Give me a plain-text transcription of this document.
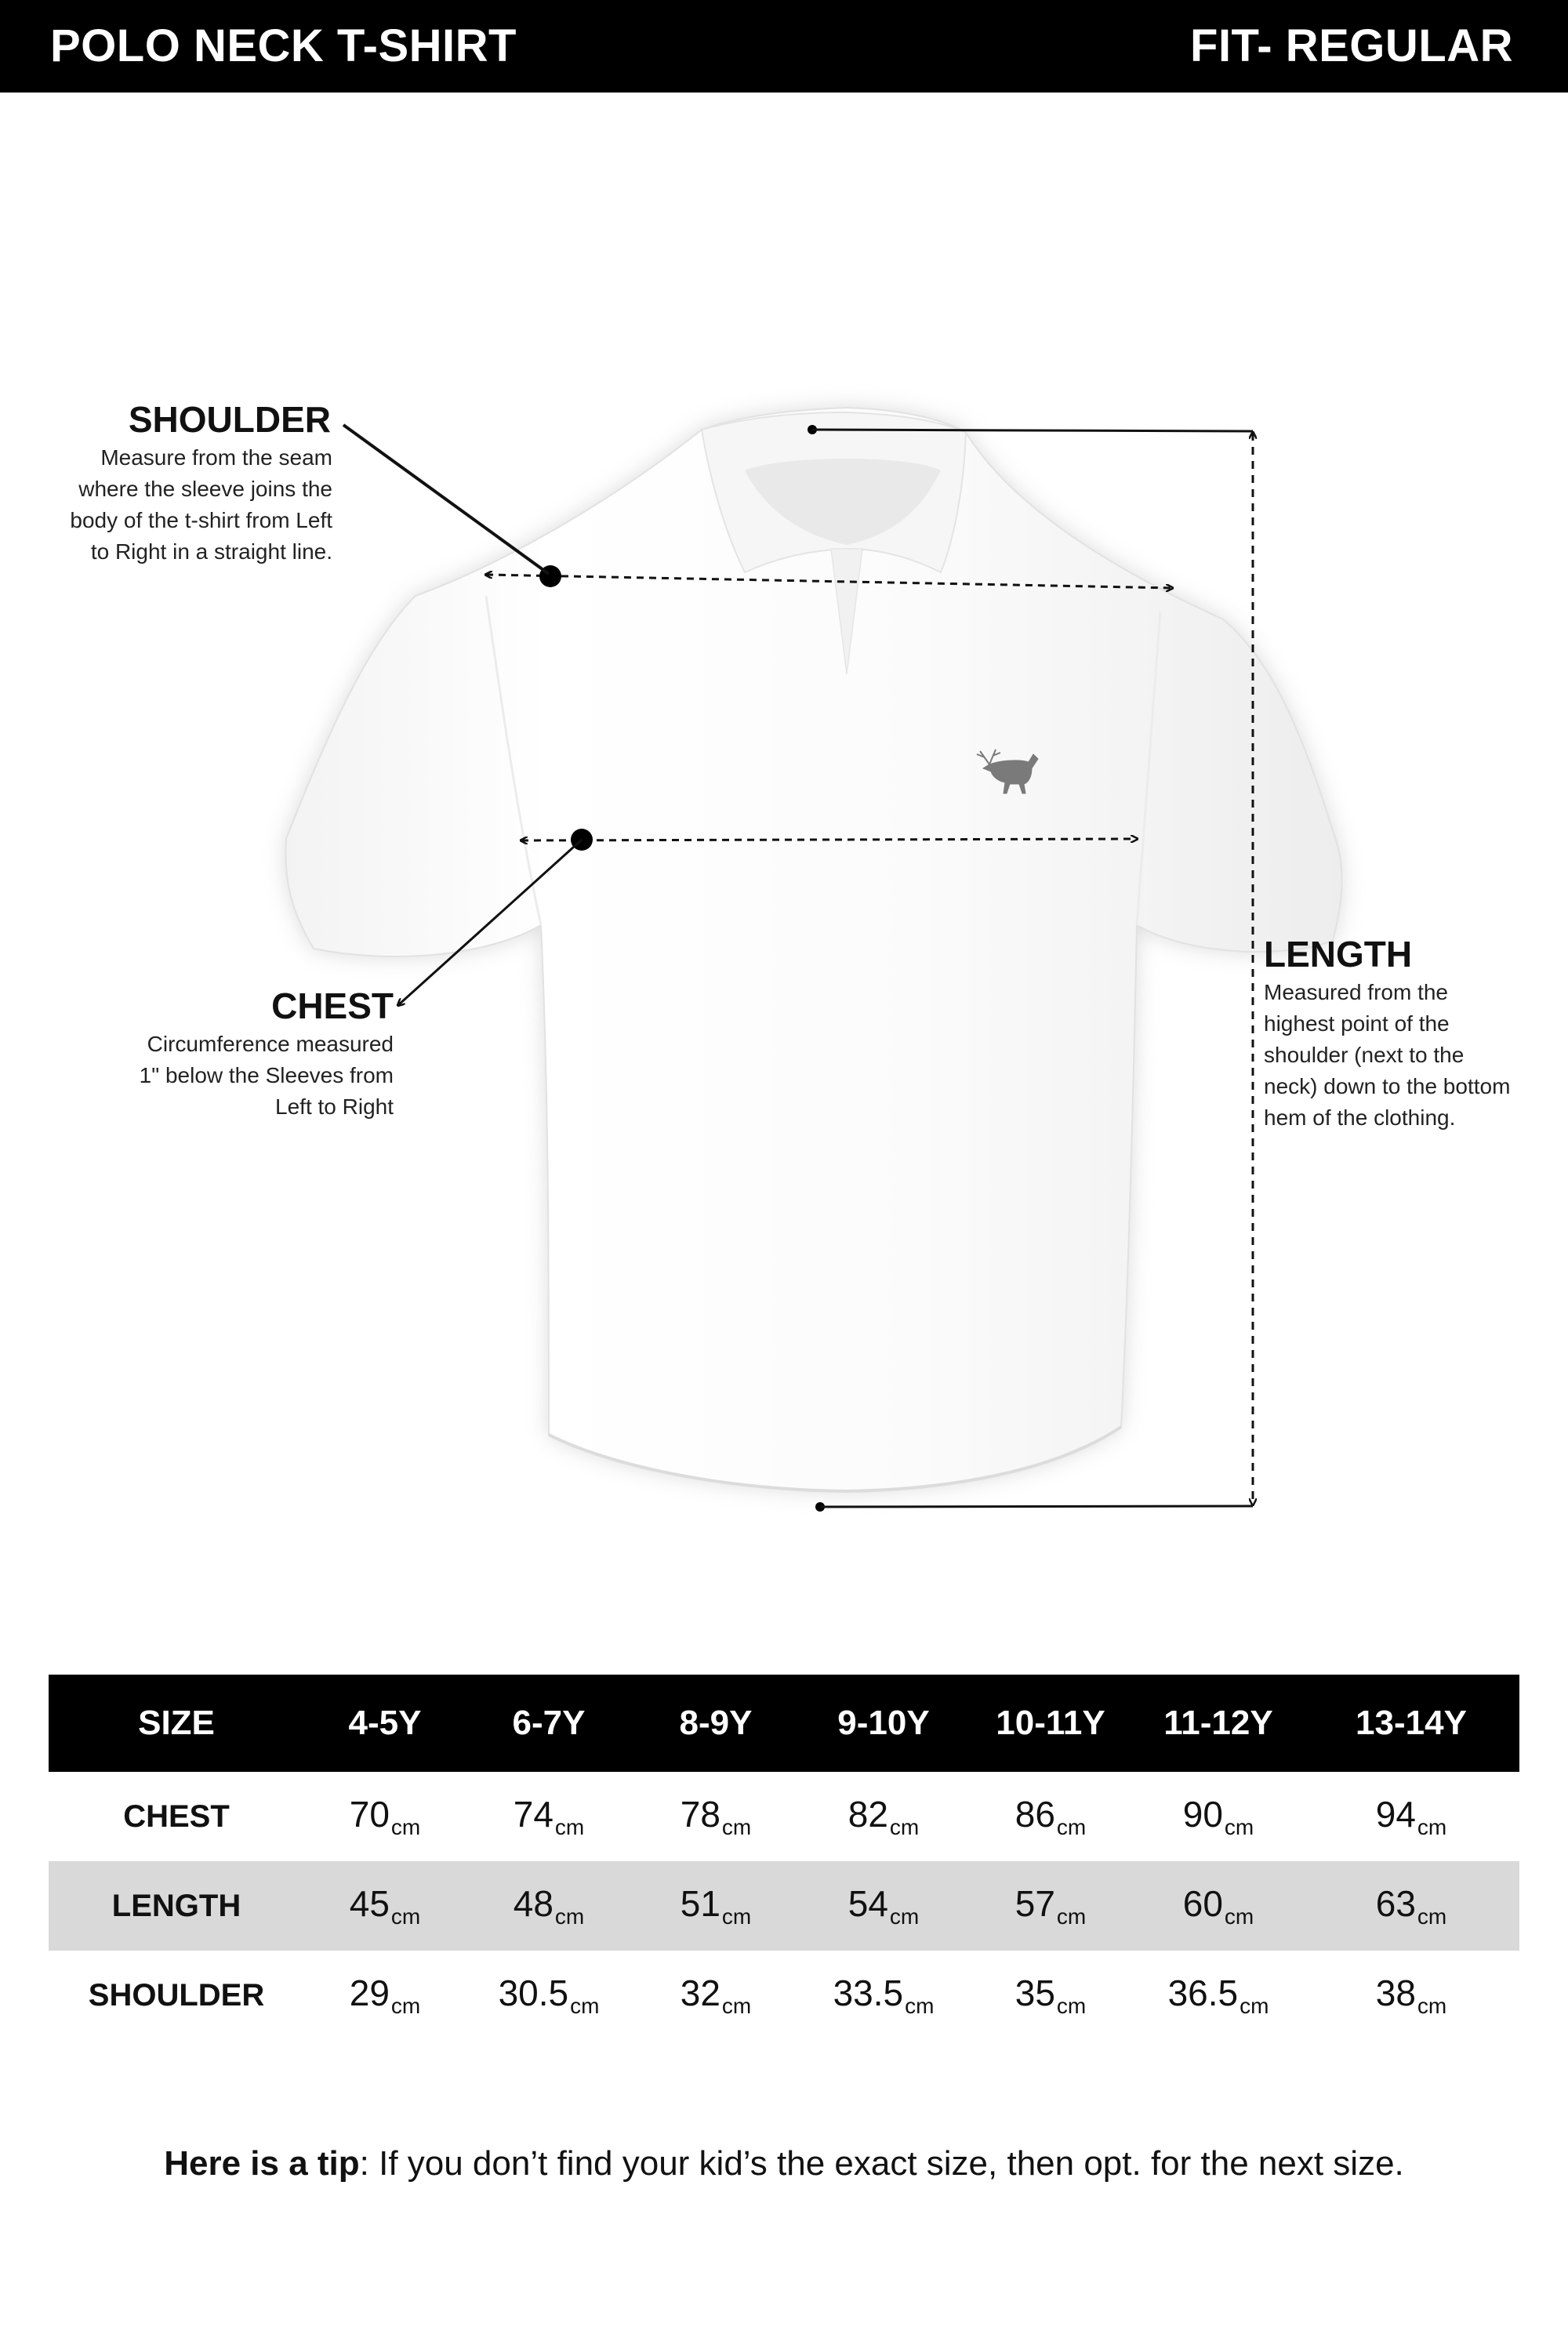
POLO NECK T-SHIRT	FIT- REGULAR
SHOULDER
Measure from the seam
where the sleeve joins the
body of the t-shirt from Left
to Right in a straight line.
CHEST
Circumference measured
1" below the Sleeves from
Left to Right
LENGTH
Measured from the
highest point of the
shoulder (next to the
neck) down to the bottom
hem of the clothing.
SIZE	4-5Y	6-7Y	8-9Y	9-10Y	10-11Y	11-12Y	13-14Y
CHEST	$70_{cm}$	$74_{cm}$	$78_{cm}$	$82_{cm}$	$86_{cm}$	$90_{cm}$	$94_{cm}$
LENGTH	$45_{cm}$	$48_{cm}$	$51_{cm}$	$54_{cm}$	$57_{cm}$	$60_{cm}$	$63_{cm}$
SHOULDER	$29_{cm}$	$30.5_{cm}$	$32_{cm}$	$33.5_{cm}$	$35_{cm}$	$36.5_{cm}$	$38_{cm}$
Here is a tip: If you don’t find your kid’s the exact size, then opt. for the next size.
